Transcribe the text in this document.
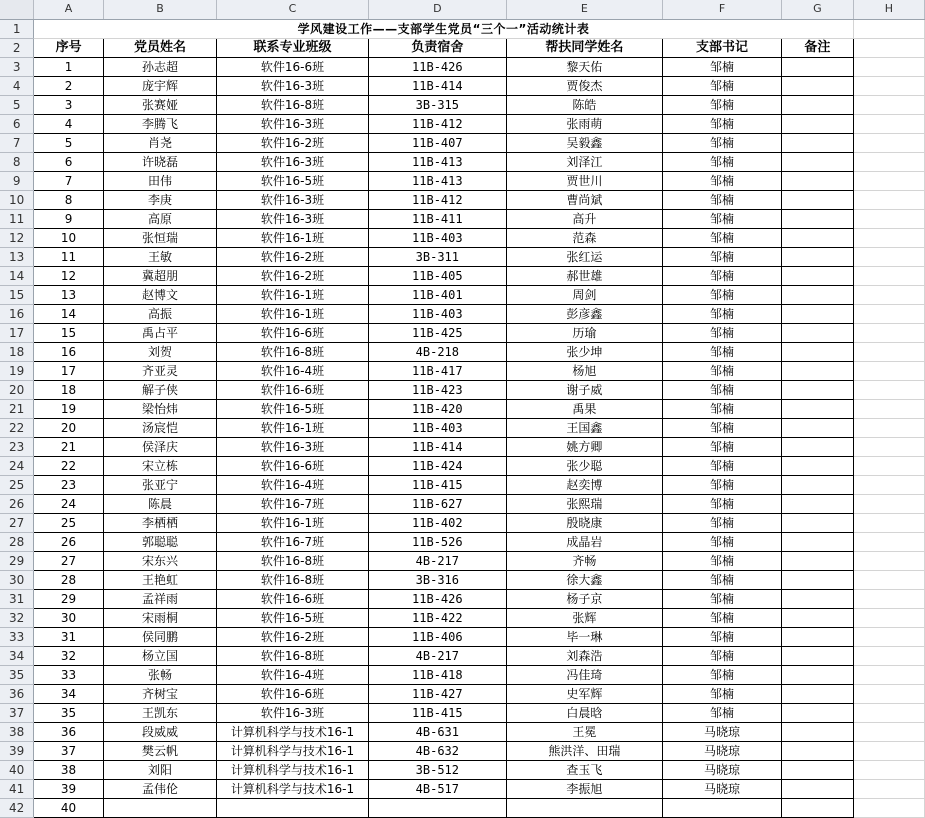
	A	B	C	D	E	F	G	H
1	学风建设工作——支部学生党员“三个一”活动统计表							
2	序号	党员姓名	联系专业班级	负责宿舍	帮扶同学姓名	支部书记	备注	
3	1	孙志超	软件16-6班	11B-426	黎天佑	邹楠		
4	2	庞宇辉	软件16-3班	11B-414	贾俊杰	邹楠		
5	3	张赛娅	软件16-8班	3B-315	陈皓	邹楠		
6	4	李腾飞	软件16-3班	11B-412	张雨萌	邹楠		
7	5	肖尧	软件16-2班	11B-407	吴毅鑫	邹楠		
8	6	许晓磊	软件16-3班	11B-413	刘泽江	邹楠		
9	7	田伟	软件16-5班	11B-413	贾世川	邹楠		
10	8	李庚	软件16-3班	11B-412	曹尚斌	邹楠		
11	9	高原	软件16-3班	11B-411	高升	邹楠		
12	10	张恒瑞	软件16-1班	11B-403	范森	邹楠		
13	11	王敏	软件16-2班	3B-311	张红运	邹楠		
14	12	冀超朋	软件16-2班	11B-405	郝世雄	邹楠		
15	13	赵博文	软件16-1班	11B-401	周剑	邹楠		
16	14	高振	软件16-1班	11B-403	彭彦鑫	邹楠		
17	15	禹占平	软件16-6班	11B-425	历瑜	邹楠		
18	16	刘贺	软件16-8班	4B-218	张少坤	邹楠		
19	17	齐亚灵	软件16-4班	11B-417	杨旭	邹楠		
20	18	解子侠	软件16-6班	11B-423	谢子威	邹楠		
21	19	梁怡炜	软件16-5班	11B-420	禹果	邹楠		
22	20	汤宸恺	软件16-1班	11B-403	王国鑫	邹楠		
23	21	侯泽庆	软件16-3班	11B-414	姚方卿	邹楠		
24	22	宋立栋	软件16-6班	11B-424	张少聪	邹楠		
25	23	张亚宁	软件16-4班	11B-415	赵奕博	邹楠		
26	24	陈晨	软件16-7班	11B-627	张熙瑞	邹楠		
27	25	李栖栖	软件16-1班	11B-402	殷晓康	邹楠		
28	26	郭聪聪	软件16-7班	11B-526	成晶岩	邹楠		
29	27	宋东兴	软件16-8班	4B-217	齐畅	邹楠		
30	28	王艳虹	软件16-8班	3B-316	徐大鑫	邹楠		
31	29	孟祥雨	软件16-6班	11B-426	杨子京	邹楠		
32	30	宋雨桐	软件16-5班	11B-422	张辉	邹楠		
33	31	侯同鹏	软件16-2班	11B-406	毕一琳	邹楠		
34	32	杨立国	软件16-8班	4B-217	刘森浩	邹楠		
35	33	张畅	软件16-4班	11B-418	冯佳琦	邹楠		
36	34	齐树宝	软件16-6班	11B-427	史军辉	邹楠		
37	35	王凯东	软件16-3班	11B-415	白晨晗	邹楠		
38	36	段威威	计算机科学与技术16-1	4B-631	王冕	马晓琼		
39	37	樊云帆	计算机科学与技术16-1	4B-632	熊洪洋、田瑞	马晓琼		
40	38	刘阳	计算机科学与技术16-1	3B-512	查玉飞	马晓琼		
41	39	孟伟伦	计算机科学与技术16-1	4B-517	李振旭	马晓琼		
42	40							
